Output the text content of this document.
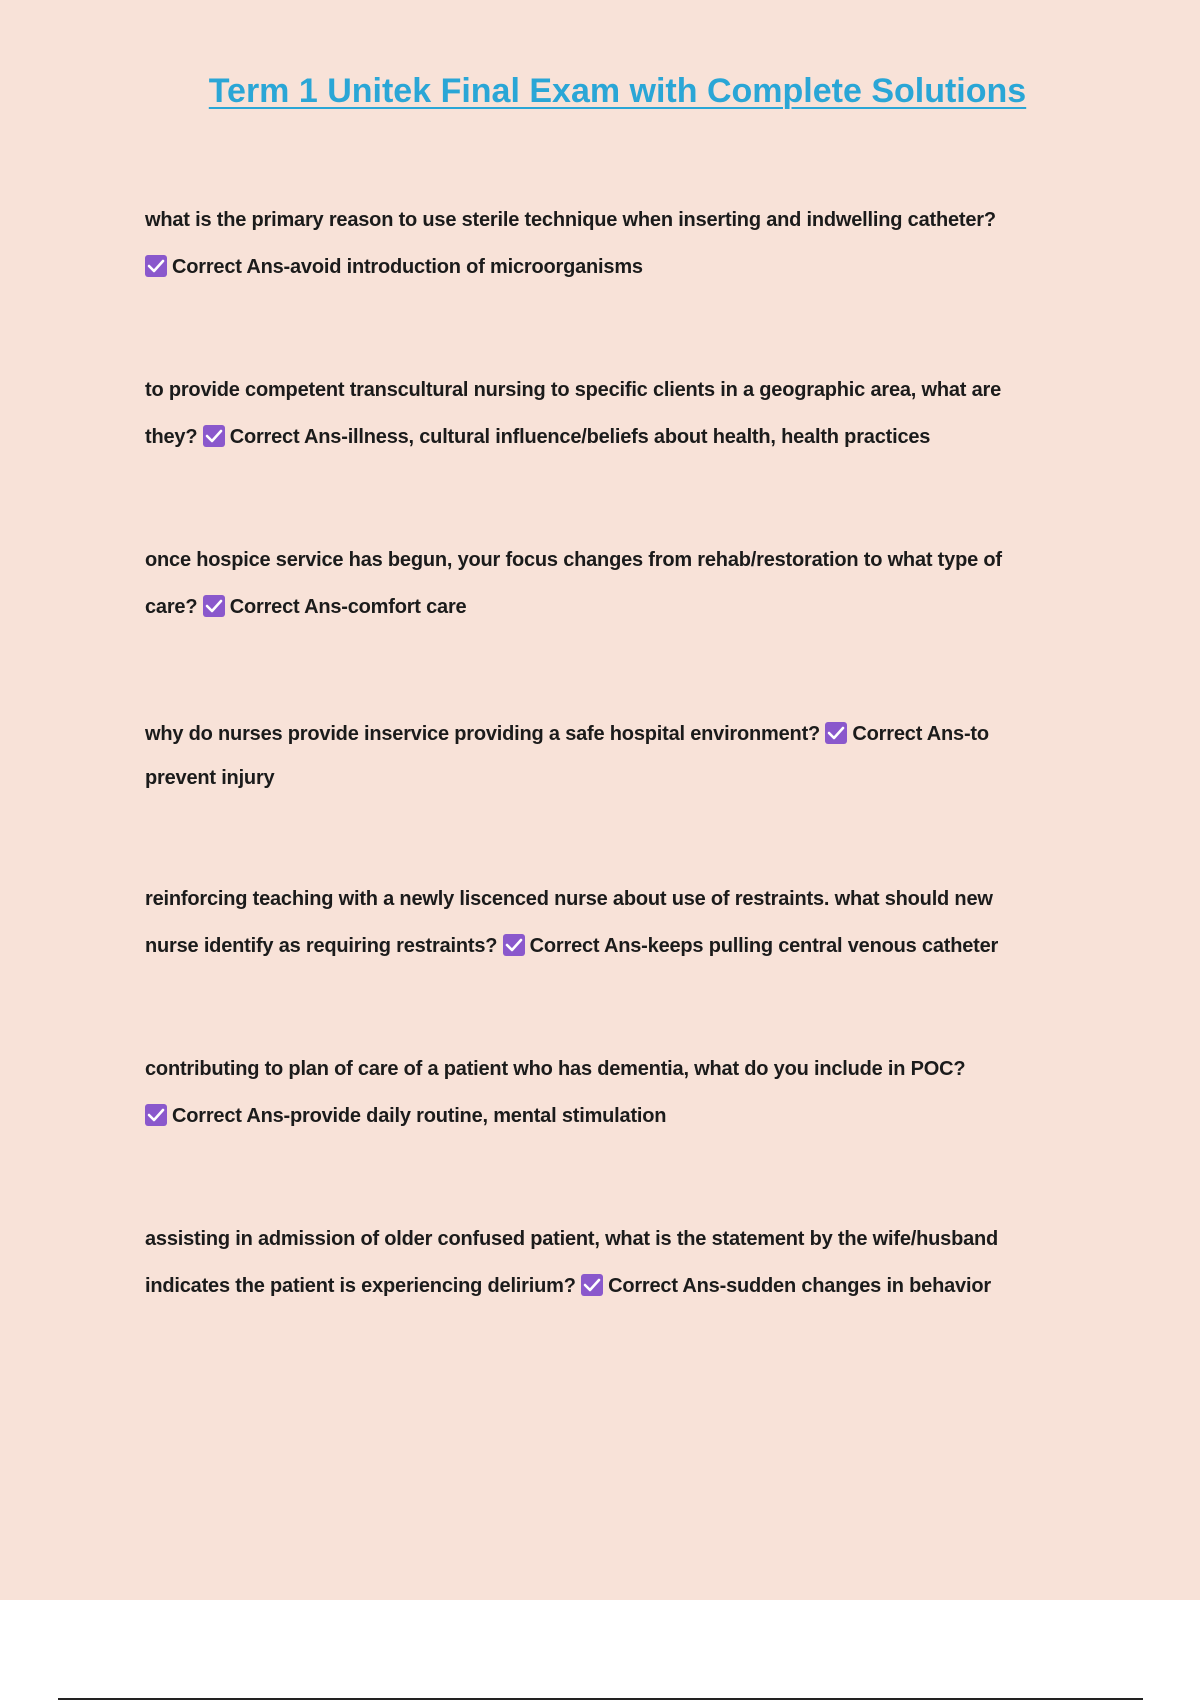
Term 1 Unitek Final Exam with Complete Solutions
what is the primary reason to use sterile technique when inserting and indwelling catheter?
Correct Ans-avoid introduction of microorganisms
to provide competent transcultural nursing to specific clients in a geographic area, what are
they? Correct Ans-illness, cultural influence/beliefs about health, health practices
once hospice service has begun, your focus changes from rehab/restoration to what type of
care? Correct Ans-comfort care
why do nurses provide inservice providing a safe hospital environment? Correct Ans-to
prevent injury
reinforcing teaching with a newly liscenced nurse about use of restraints. what should new
nurse identify as requiring restraints? Correct Ans-keeps pulling central venous catheter
contributing to plan of care of a patient who has dementia, what do you include in POC?
Correct Ans-provide daily routine, mental stimulation
assisting in admission of older confused patient, what is the statement by the wife/husband
indicates the patient is experiencing delirium? Correct Ans-sudden changes in behavior
